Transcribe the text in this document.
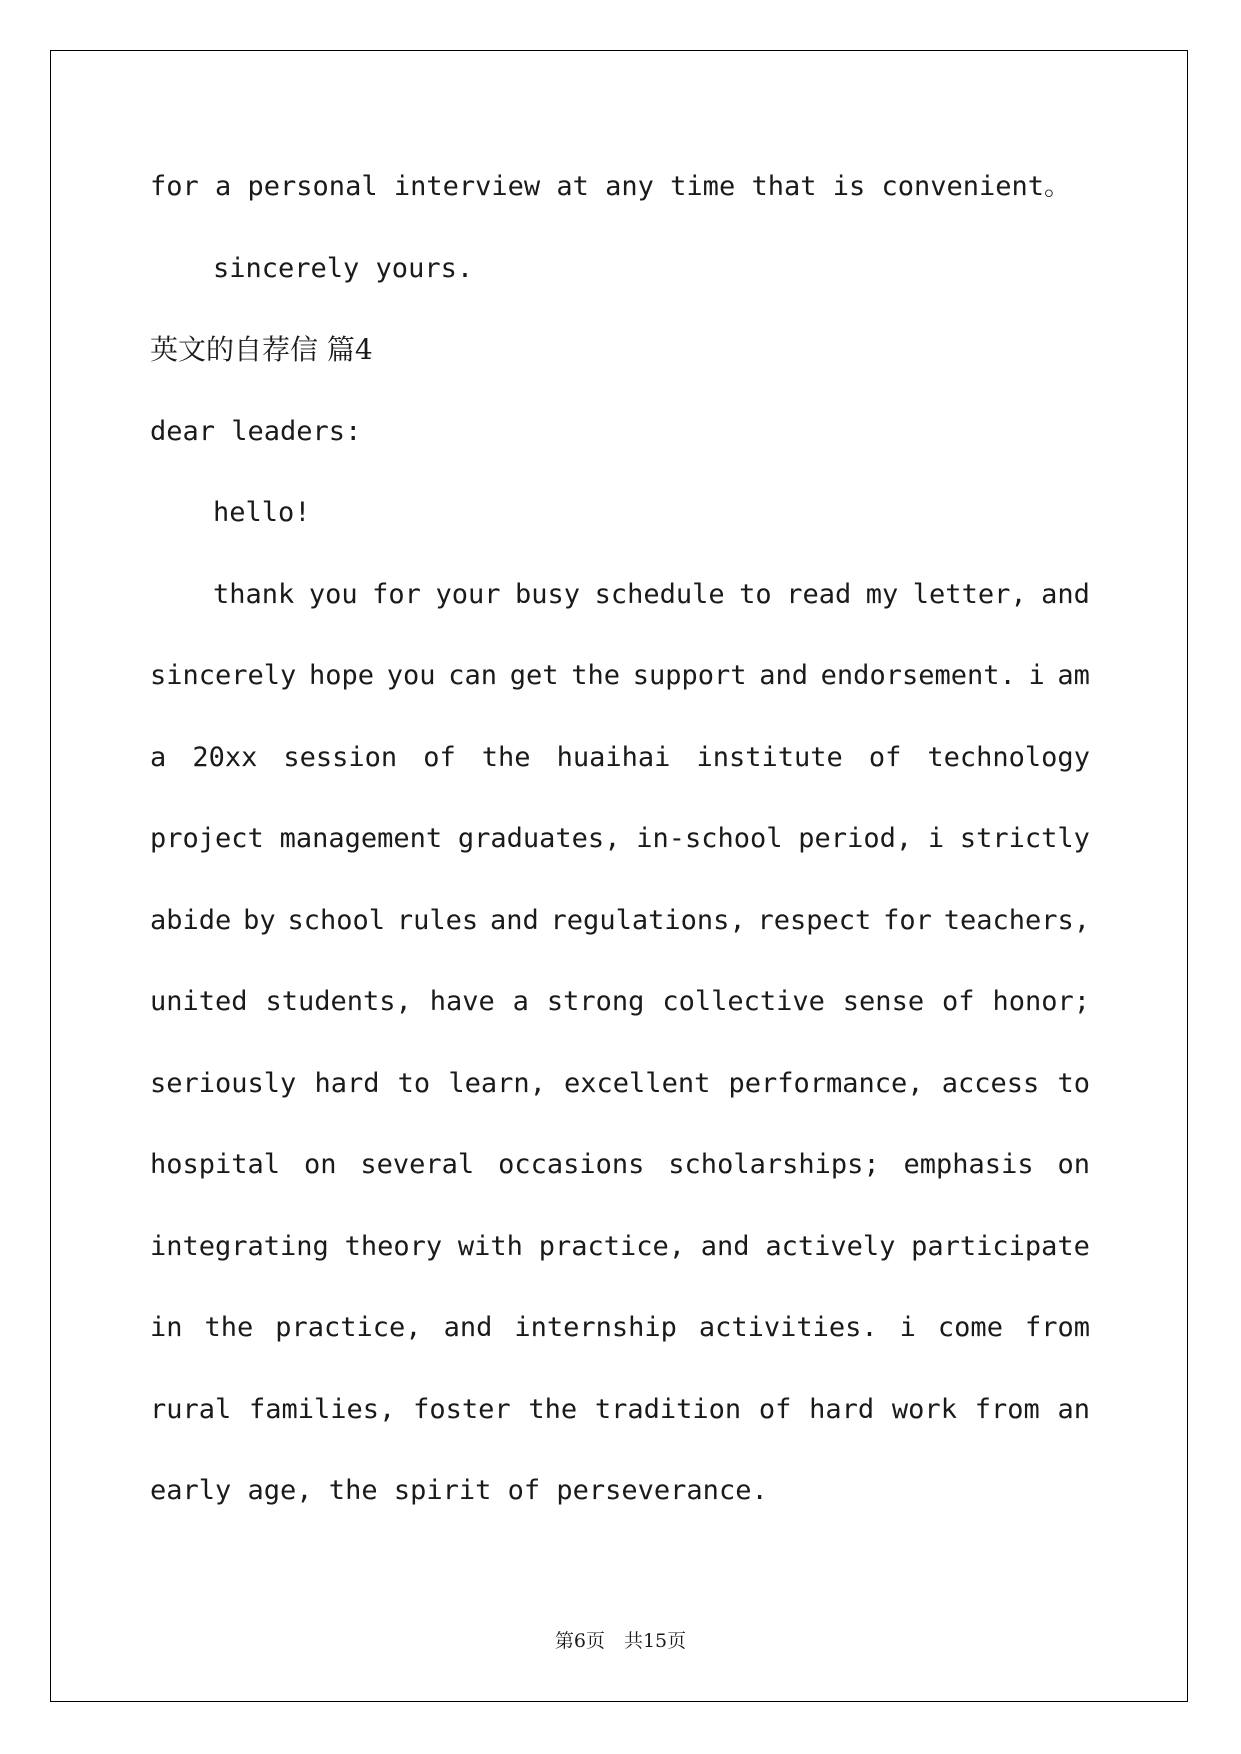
for a personal interview at any time that is convenient。
sincerely yours.
英文的自荐信 篇4
dear leaders:
hello!
thank you for your busy schedule to read my letter, and
sincerely hope you can get the support and endorsement. i am
a 20xx session of the huaihai institute of technology
project management graduates, in-school period, i strictly
abide by school rules and regulations, respect for teachers,
united students, have a strong collective sense of honor;
seriously hard to learn, excellent performance, access to
hospital on several occasions scholarships; emphasis on
integrating theory with practice, and actively participate
in the practice, and internship activities. i come from
rural families, foster the tradition of hard work from an
early age, the spirit of perseverance.
第6页　共15页
